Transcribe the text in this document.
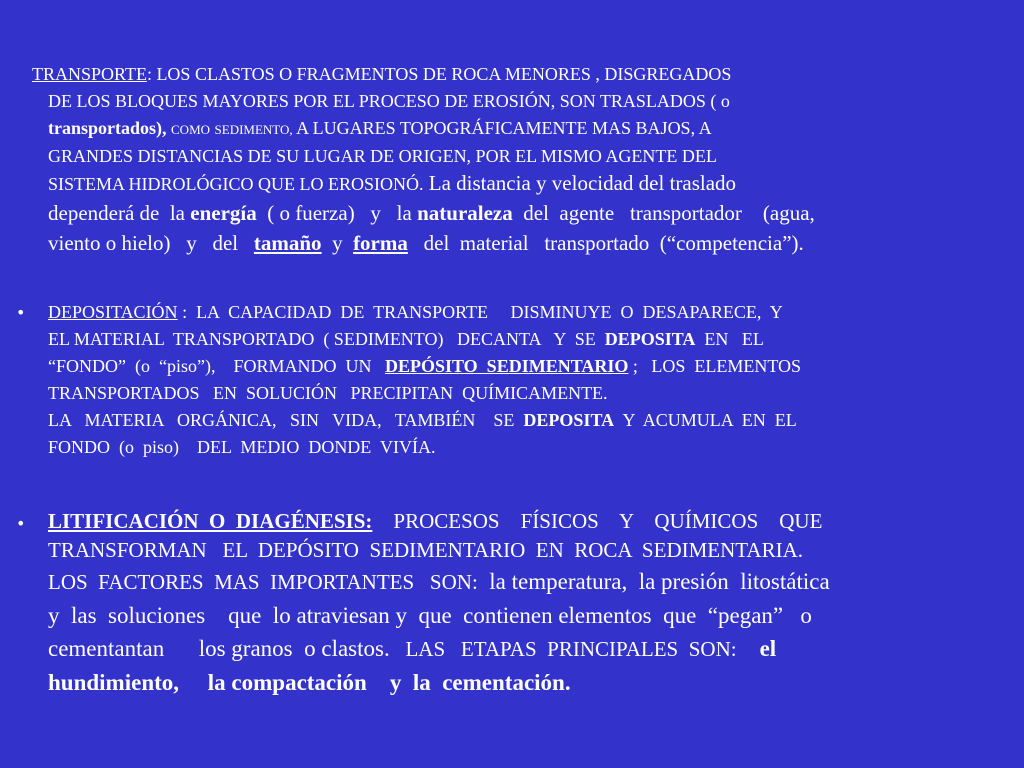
TRANSPORTE: LOS CLASTOS O FRAGMENTOS DE ROCA MENORES , DISGREGADOS
DE LOS BLOQUES MAYORES POR EL PROCESO DE EROSIÓN, SON TRASLADOS ( o
transportados), COMO SEDIMENTO, A LUGARES TOPOGRÁFICAMENTE MAS BAJOS, A
GRANDES DISTANCIAS DE SU LUGAR DE ORIGEN, POR EL MISMO AGENTE DEL
SISTEMA HIDROLÓGICO QUE LO EROSIONÓ. La distancia y velocidad del traslado
dependerá de  la energía  ( o fuerza)   y   la naturaleza  del  agente   transportador    (agua,
viento o hielo)   y   del   tamaño  y  forma   del  material   transportado  (“competencia”).
• DEPOSITACIÓN :  LA  CAPACIDAD  DE  TRANSPORTE     DISMINUYE  O  DESAPARECE,  Y
EL MATERIAL  TRANSPORTADO  ( SEDIMENTO)   DECANTA   Y  SE  DEPOSITA  EN   EL
“FONDO”  (o  “piso”),    FORMANDO  UN   DEPÓSITO  SEDIMENTARIO ;   LOS  ELEMENTOS
TRANSPORTADOS   EN  SOLUCIÓN   PRECIPITAN  QUÍMICAMENTE.
LA   MATERIA   ORGÁNICA,   SIN   VIDA,   TAMBIÉN    SE  DEPOSITA  Y  ACUMULA  EN  EL
FONDO  (o  piso)    DEL  MEDIO  DONDE  VIVÍA.
• LITIFICACIÓN  O  DIAGÉNESIS:    PROCESOS    FÍSICOS    Y    QUÍMICOS    QUE
TRANSFORMAN   EL  DEPÓSITO  SEDIMENTARIO  EN  ROCA  SEDIMENTARIA.
LOS  FACTORES  MAS  IMPORTANTES   SON:  la temperatura,  la presión  litostática
y  las  soluciones    que  lo atraviesan y  que  contienen elementos  que  “pegan”   o
cementantan      los granos  o clastos.   LAS   ETAPAS  PRINCIPALES  SON:    el
hundimiento,     la compactación    y  la  cementación.
